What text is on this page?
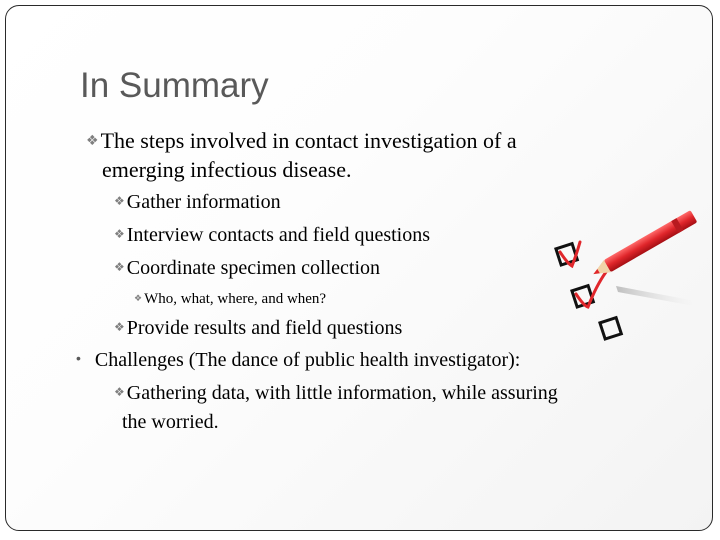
In Summary
❖The steps involved in contact investigation of a
emerging infectious disease.
❖ Gather information
❖ Interview contacts and field questions
❖ Coordinate specimen collection
❖ Who, what, where, and when?
❖ Provide results and field questions
• Challenges (The dance of public health investigator):
❖ Gathering data, with little information, while assuring
the worried.
